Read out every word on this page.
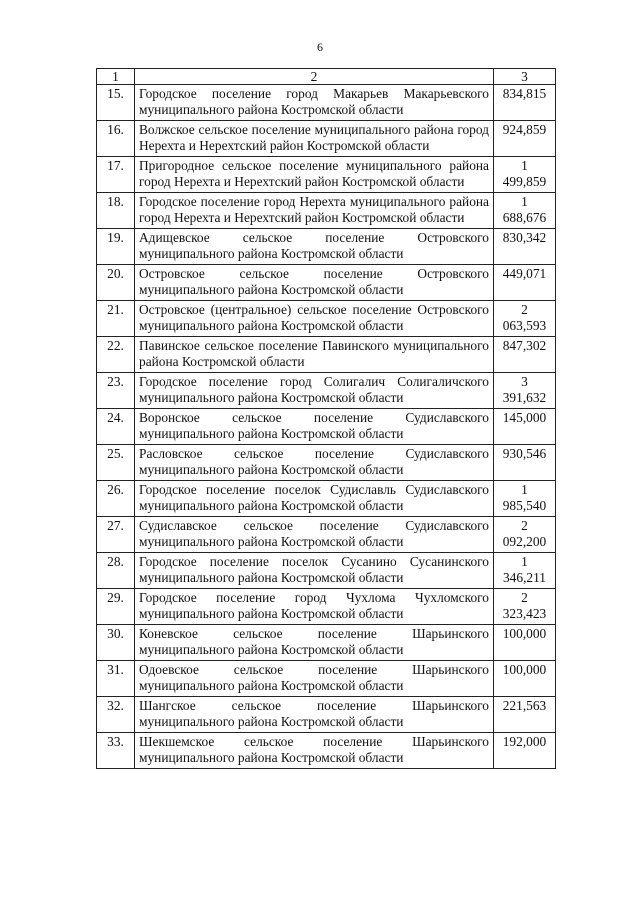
6
1	2	3
15.	Городское поселение город Макарьев Макарьевского муниципального района Костромской области	834,815
16.	Волжское сельское поселение муниципального района город Нерехта и Нерехтский район Костромской области	924,859
17.	Пригородное сельское поселение муниципального района город Нерехта и Нерехтский район Костромской области	1 499,859
18.	Городское поселение город Нерехта муниципального района город Нерехта и Нерехтский район Костромской области	1 688,676
19.	Адищевское сельское поселение Островского муниципального района Костромской области	830,342
20.	Островское сельское поселение Островского муниципального района Костромской области	449,071
21.	Островское (центральное) сельское поселение Островского муниципального района Костромской области	2 063,593
22.	Павинское сельское поселение Павинского муниципального района Костромской области	847,302
23.	Городское поселение город Солигалич Солигаличского муниципального района Костромской области	3 391,632
24.	Воронское сельское поселение Судиславского муниципального района Костромской области	145,000
25.	Расловское сельское поселение Судиславского муниципального района Костромской области	930,546
26.	Городское поселение поселок Судиславль Судиславского муниципального района Костромской области	1 985,540
27.	Судиславское сельское поселение Судиславского муниципального района Костромской области	2 092,200
28.	Городское поселение поселок Сусанино Сусанинского муниципального района Костромской области	1 346,211
29.	Городское поселение город Чухлома Чухломского муниципального района Костромской области	2 323,423
30.	Коневское сельское поселение Шарьинского муниципального района Костромской области	100,000
31.	Одоевское сельское поселение Шарьинского муниципального района Костромской области	100,000
32.	Шангское сельское поселение Шарьинского муниципального района Костромской области	221,563
33.	Шекшемское сельское поселение Шарьинского муниципального района Костромской области	192,000
